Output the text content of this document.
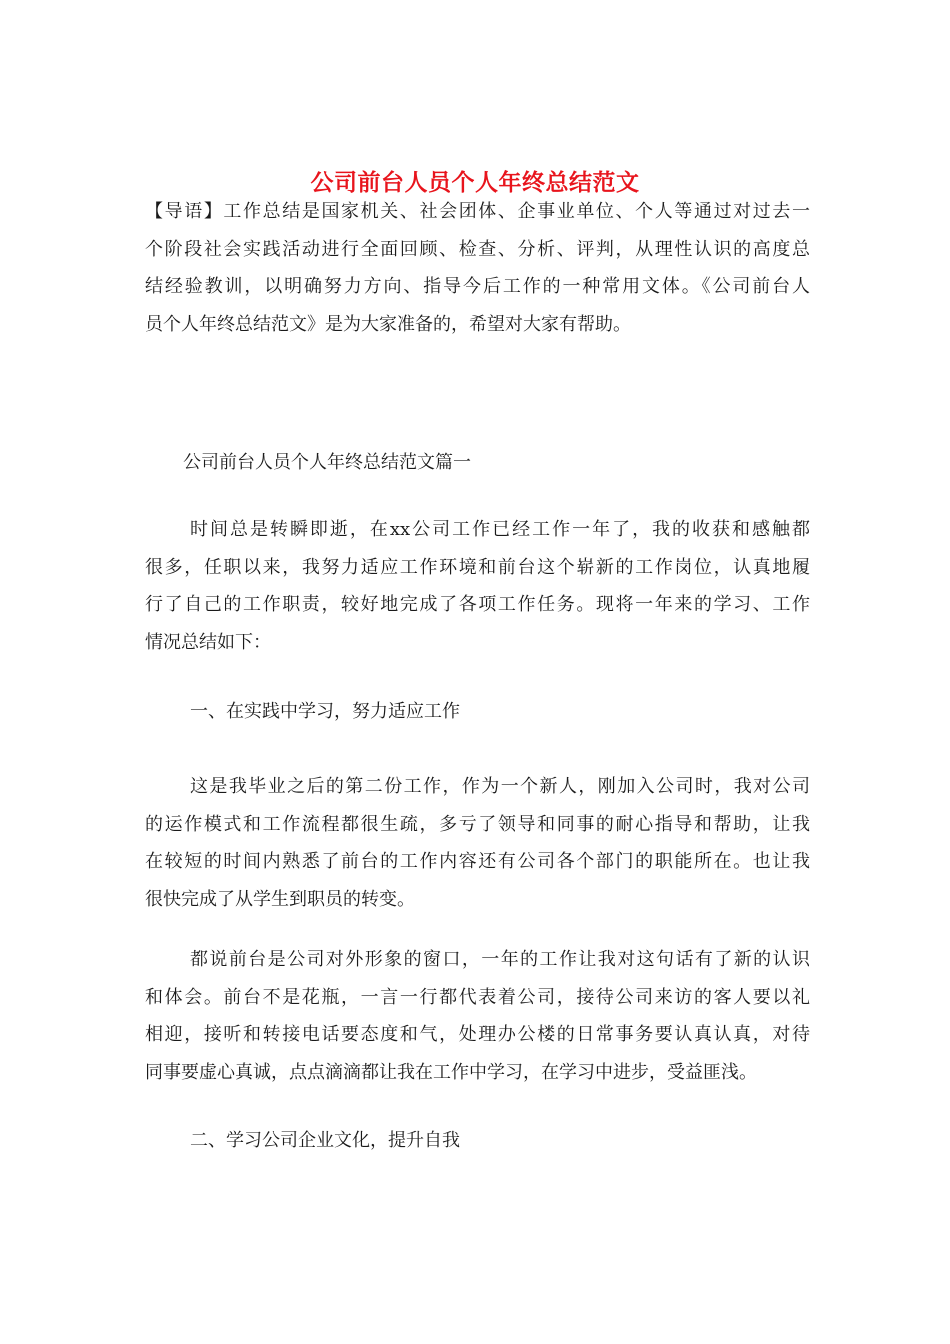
公司前台人员个人年终总结范文
【导语】工作总结是国家机关、社会团体、企事业单位、个人等通过对过去一
个阶段社会实践活动进行全面回顾、检查、分析、评判，从理性认识的高度总
结经验教训，以明确努力方向、指导今后工作的一种常用文体。《公司前台人
员个人年终总结范文》是为大家准备的，希望对大家有帮助。

公司前台人员个人年终总结范文篇一

时间总是转瞬即逝，在xx公司工作已经工作一年了，我的收获和感触都
很多，任职以来，我努力适应工作环境和前台这个崭新的工作岗位，认真地履
行了自己的工作职责，较好地完成了各项工作任务。现将一年来的学习、工作
情况总结如下：

一、在实践中学习，努力适应工作

这是我毕业之后的第二份工作，作为一个新人，刚加入公司时，我对公司
的运作模式和工作流程都很生疏，多亏了领导和同事的耐心指导和帮助，让我
在较短的时间内熟悉了前台的工作内容还有公司各个部门的职能所在。也让我
很快完成了从学生到职员的转变。
都说前台是公司对外形象的窗口，一年的工作让我对这句话有了新的认识
和体会。前台不是花瓶，一言一行都代表着公司，接待公司来访的客人要以礼
相迎，接听和转接电话要态度和气，处理办公楼的日常事务要认真认真，对待
同事要虚心真诚，点点滴滴都让我在工作中学习，在学习中进步，受益匪浅。

二、学习公司企业文化，提升自我
